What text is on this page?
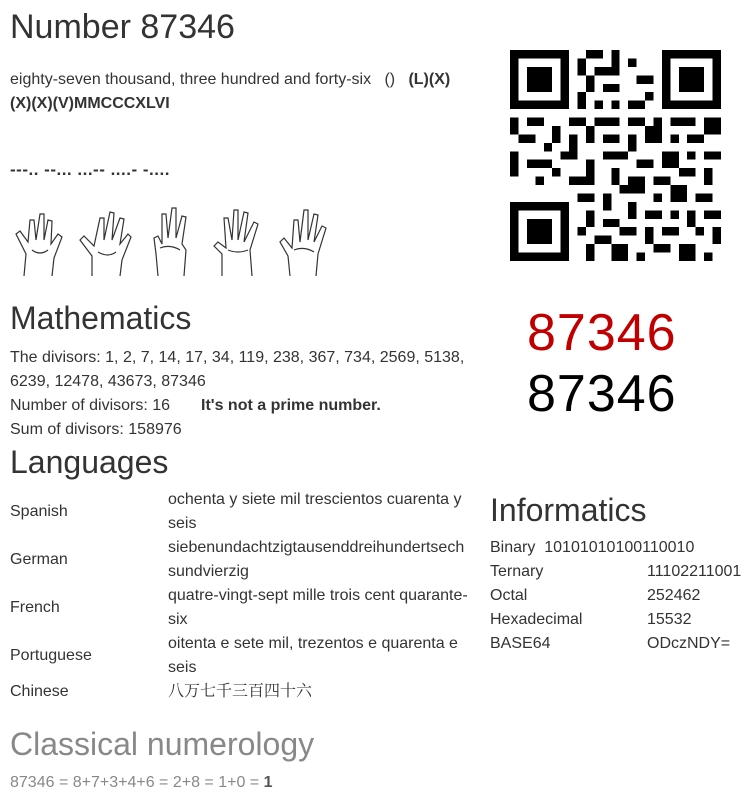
Number 87346
eighty-seven thousand, three hundred and forty-six () (L)(X)(X)(X)(V)MMCCCXLVI
---.. --... ...-- ....- -....
87346
87346
Mathematics
The divisors: 1, 2, 7, 14, 17, 34, 119, 238, 367, 734, 2569, 5138, 6239, 12478, 43673, 87346
Number of divisors: 16 It's not a prime number.
Sum of divisors: 158976
Languages
Spanish	ochenta y siete mil trescientos cuarenta y seis
German	siebenundachtzigtausenddreihundertsech sundvierzig
French	quatre-vingt-sept mille trois cent quarante-six
Portuguese	oitenta e sete mil, trezentos e quarenta e seis
Chinese	八万七千三百四十六
Informatics
Binary 10101010100110010
Ternary	11102211001
Octal	252462
Hexadecimal	15532
BASE64	ODczNDY=
Classical numerology
87346 = 8+7+3+4+6 = 2+8 = 1+0 = 1
